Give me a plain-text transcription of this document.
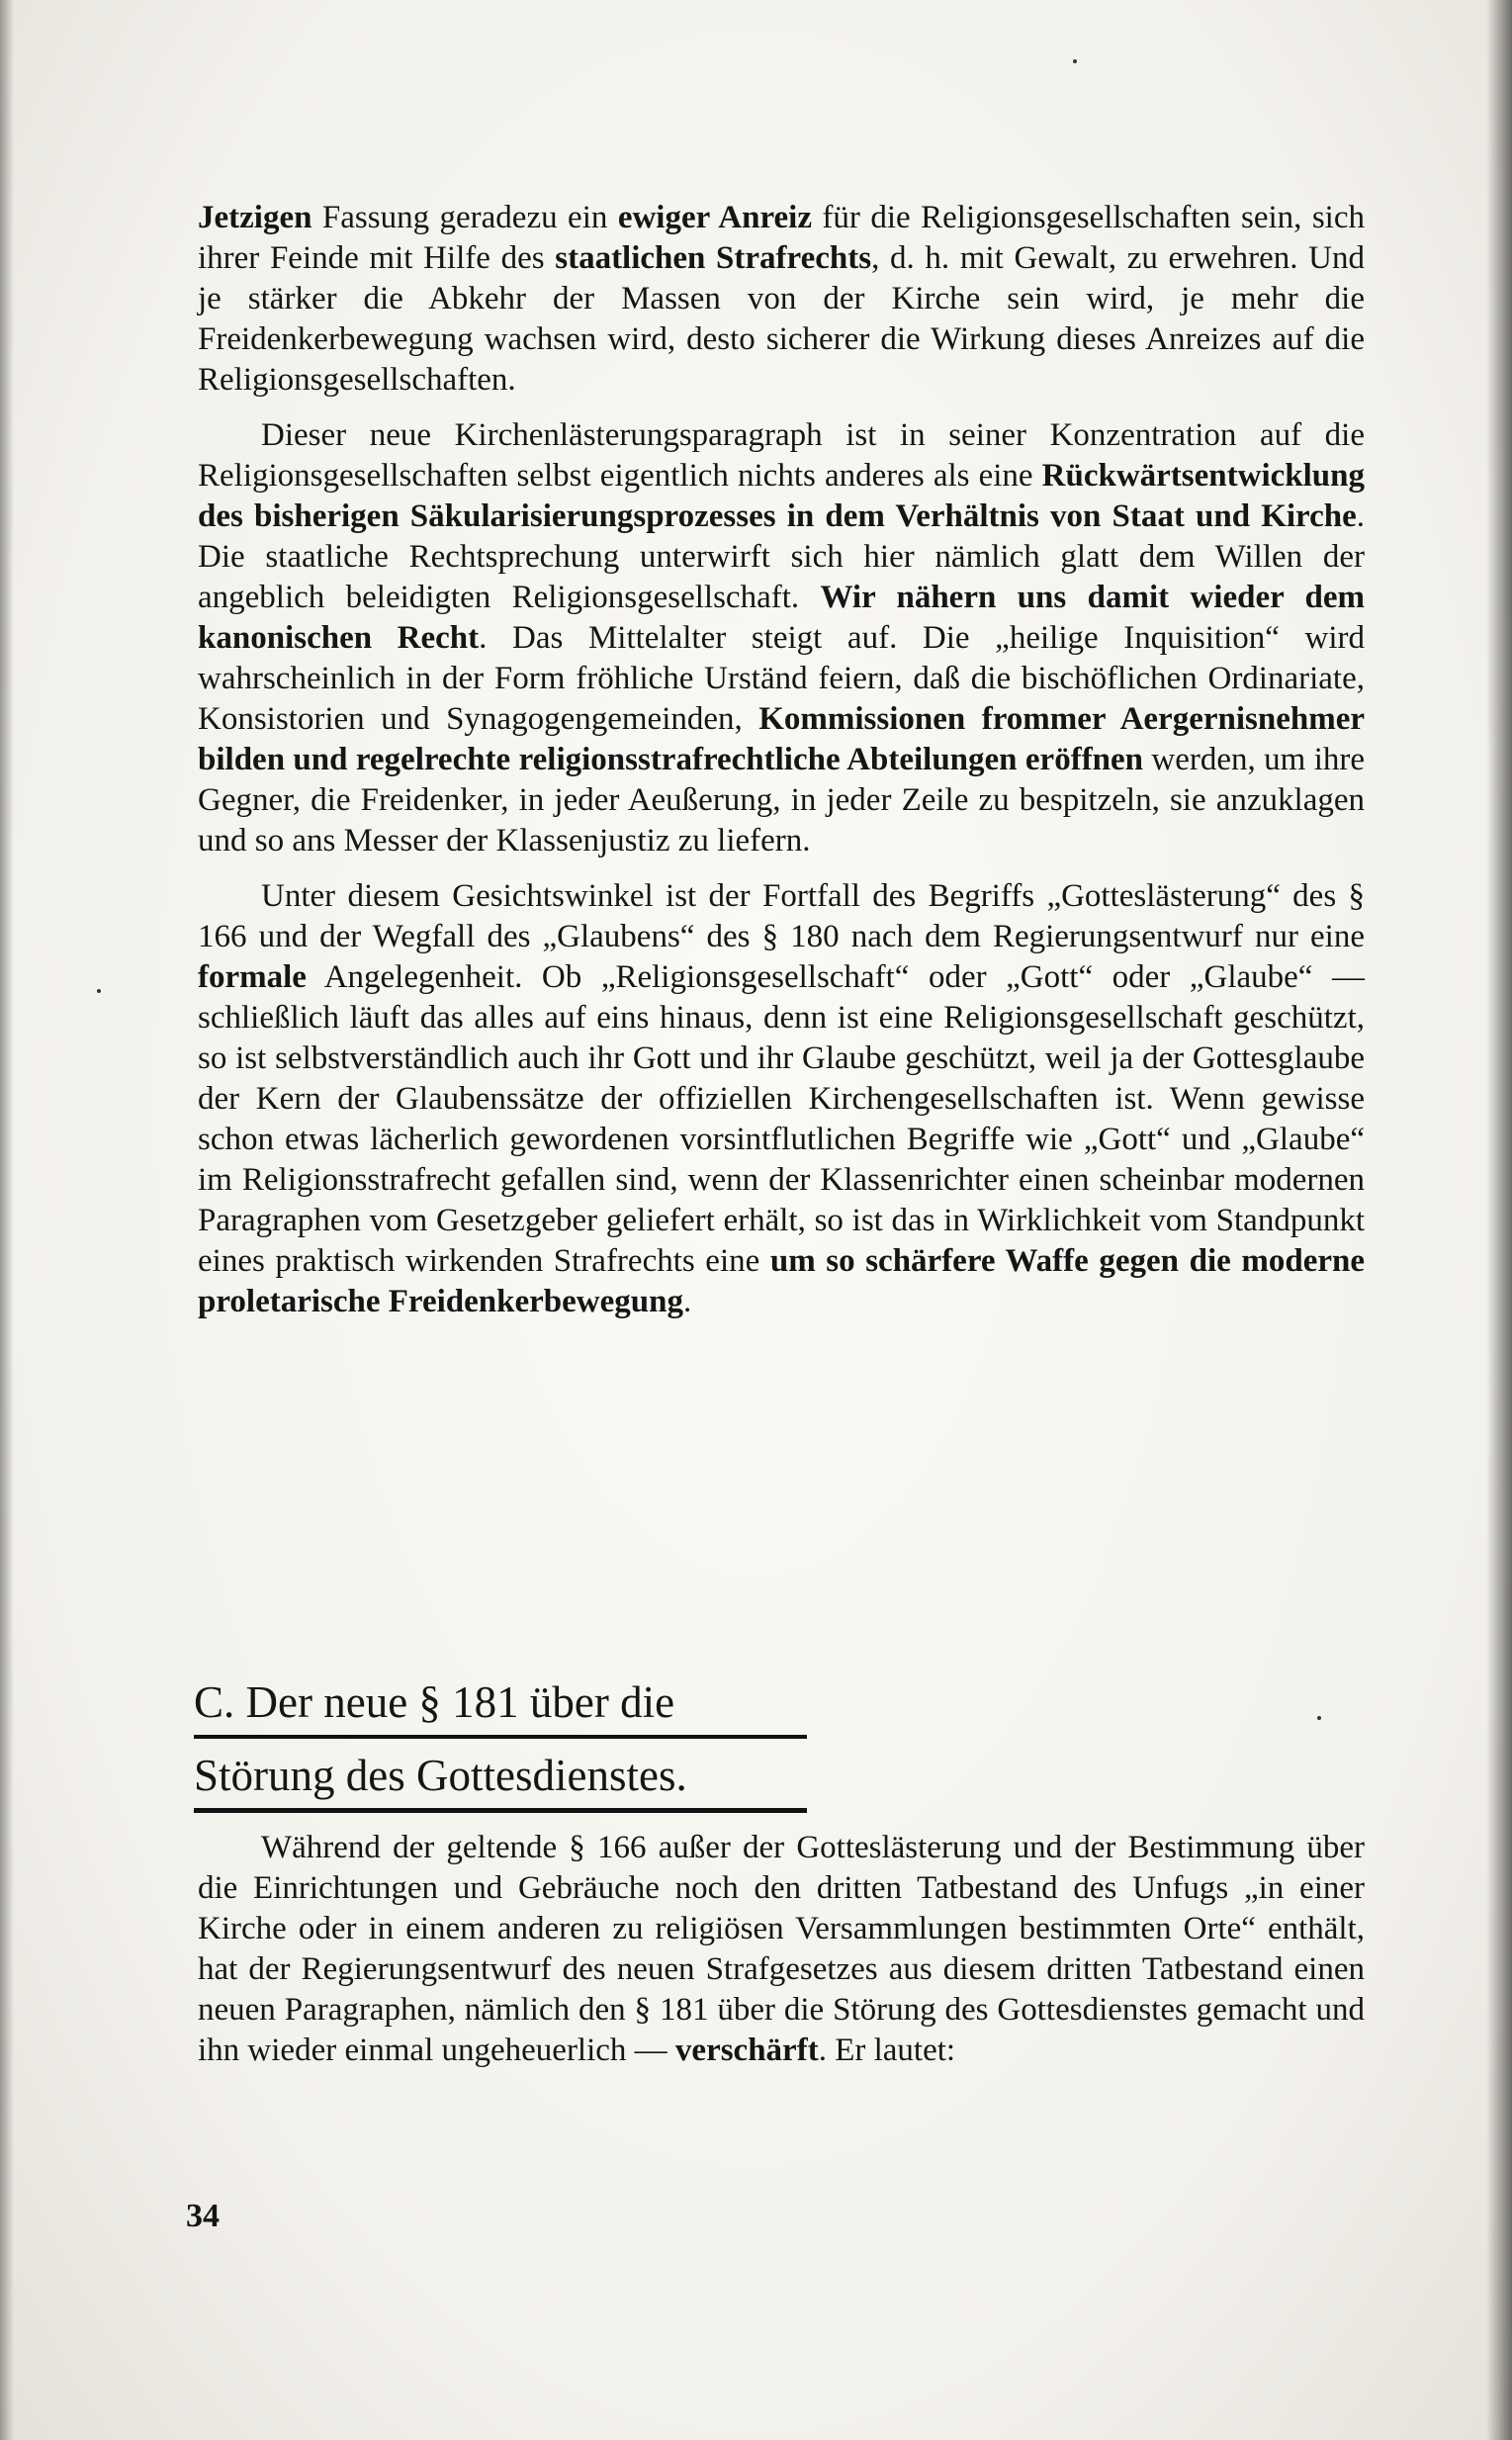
Jetzigen Fassung geradezu ein ewiger Anreiz für die Religionsgesellschaften sein, sich ihrer Feinde mit Hilfe des staatlichen Strafrechts, d. h. mit Gewalt, zu erwehren. Und je stärker die Abkehr der Massen von der Kirche sein wird, je mehr die Freidenkerbewegung wachsen wird, desto sicherer die Wirkung dieses Anreizes auf die Religionsgesellschaften.

Dieser neue Kirchenlästerungsparagraph ist in seiner Konzentration auf die Religionsgesellschaften selbst eigentlich nichts anderes als eine Rückwärtsentwicklung des bisherigen Säkularisierungsprozesses in dem Verhältnis von Staat und Kirche. Die staatliche Rechtsprechung unterwirft sich hier nämlich glatt dem Willen der angeblich beleidigten Religionsgesellschaft. Wir nähern uns damit wieder dem kanonischen Recht. Das Mittelalter steigt auf. Die „heilige Inquisition“ wird wahrscheinlich in der Form fröhliche Urständ feiern, daß die bischöflichen Ordinariate, Konsistorien und Synagogengemeinden, Kommissionen frommer Aergernisnehmer bilden und regelrechte religionsstrafrechtliche Abteilungen eröffnen werden, um ihre Gegner, die Freidenker, in jeder Aeußerung, in jeder Zeile zu bespitzeln, sie anzuklagen und so ans Messer der Klassenjustiz zu liefern.

Unter diesem Gesichtswinkel ist der Fortfall des Begriffs „Gotteslästerung“ des § 166 und der Wegfall des „Glaubens“ des § 180 nach dem Regierungsentwurf nur eine formale Angelegenheit. Ob „Religionsgesellschaft“ oder „Gott“ oder „Glaube“ — schließlich läuft das alles auf eins hinaus, denn ist eine Religionsgesellschaft geschützt, so ist selbstverständlich auch ihr Gott und ihr Glaube geschützt, weil ja der Gottesglaube der Kern der Glaubenssätze der offiziellen Kirchengesellschaften ist. Wenn gewisse schon etwas lächerlich gewordenen vorsintflutlichen Begriffe wie „Gott“ und „Glaube“ im Religionsstrafrecht gefallen sind, wenn der Klassenrichter einen scheinbar modernen Paragraphen vom Gesetzgeber geliefert erhält, so ist das in Wirklichkeit vom Standpunkt eines praktisch wirkenden Strafrechts eine um so schärfere Waffe gegen die moderne proletarische Freidenkerbewegung.

C. Der neue § 181 über die
Störung des Gottesdienstes.

Während der geltende § 166 außer der Gotteslästerung und der Bestimmung über die Einrichtungen und Gebräuche noch den dritten Tatbestand des Unfugs „in einer Kirche oder in einem anderen zu religiösen Versammlungen bestimmten Orte“ enthält, hat der Regierungsentwurf des neuen Strafgesetzes aus diesem dritten Tatbestand einen neuen Paragraphen, nämlich den § 181 über die Störung des Gottesdienstes gemacht und ihn wieder einmal ungeheuerlich — verschärft. Er lautet:

34
